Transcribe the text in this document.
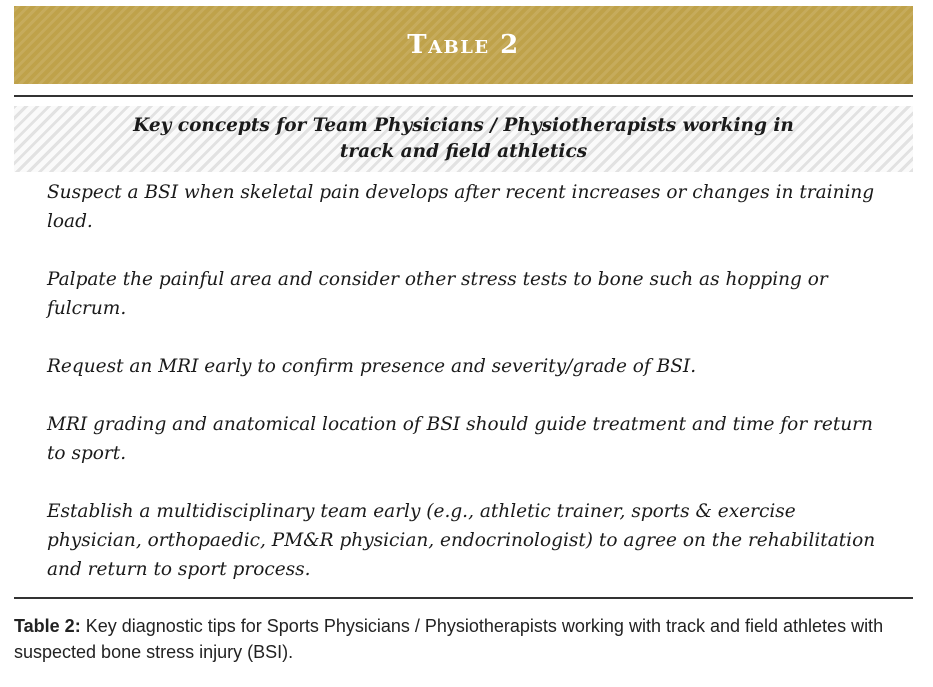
Table 2
Key concepts for Team Physicians / Physiotherapists working in track and field athletics

Suspect a BSI when skeletal pain develops after recent increases or changes in training load.

Palpate the painful area and consider other stress tests to bone such as hopping or fulcrum.

Request an MRI early to confirm presence and severity/grade of BSI.

MRI grading and anatomical location of BSI should guide treatment and time for return to sport.

Establish a multidisciplinary team early (e.g., athletic trainer, sports & exercise physician, orthopaedic, PM&R physician, endocrinologist) to agree on the rehabilitation and return to sport process.

Table 2: Key diagnostic tips for Sports Physicians / Physiotherapists working with track and field athletes with suspected bone stress injury (BSI).
